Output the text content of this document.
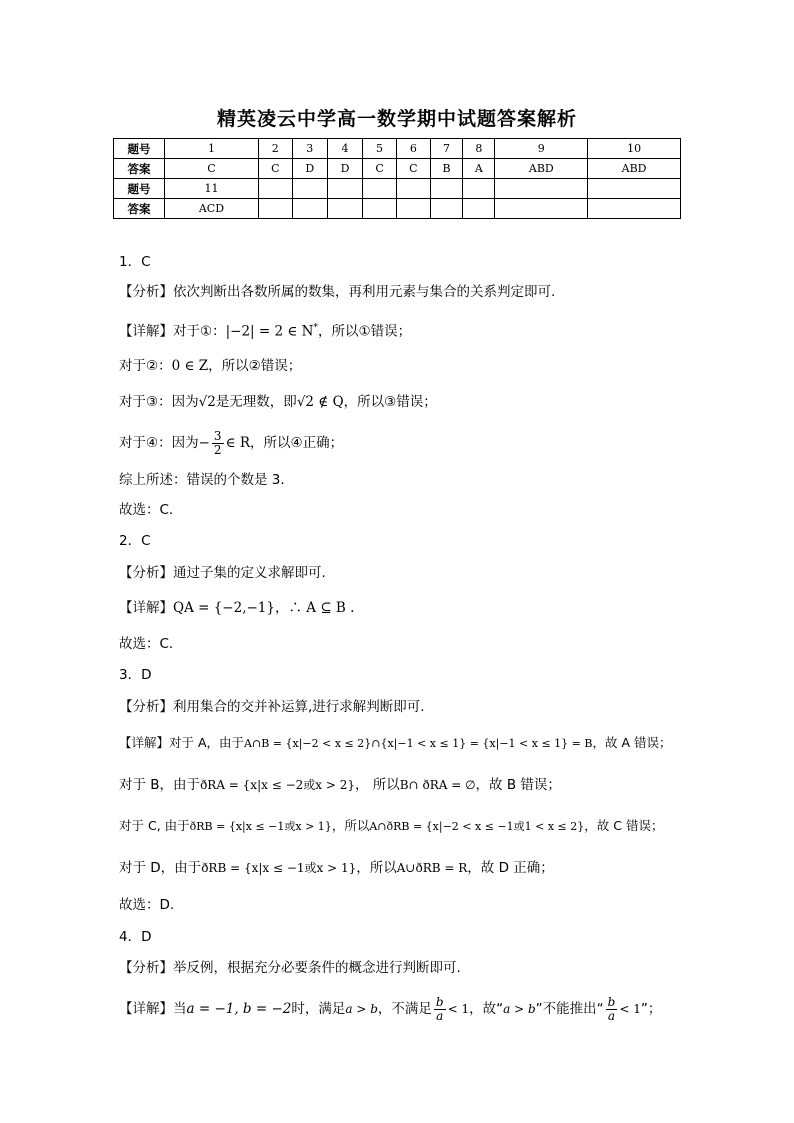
精英凌云中学高一数学期中试题答案解析
题号	1	2	3	4	5	6	7	8	9	10
答案	C	C	D	D	C	C	B	A	ABD	ABD
题号	11									
答案	ACD									
1．C
【分析】依次判断出各数所属的数集，再利用元素与集合的关系判定即可.
【详解】对于①：|−2| = 2 ∈ N*，所以①错误；
对于②：0 ∈ Z，所以②错误；
对于③：因为√2是无理数，即√2 ∉ Q，所以③错误；
对于④：因为− $\frac{3}{2}$ ∈ R，所以④正确；
综上所述：错误的个数是 3.
故选：C.
2．C
【分析】通过子集的定义求解即可.
【详解】QA = {−2,−1}，∴ A ⊆ B .
故选：C.
3．D
【分析】利用集合的交并补运算,进行求解判断即可.
【详解】对于 A，由于A∩B = {x|−2 < x ≤ 2}∩{x|−1 < x ≤ 1} = {x|−1 < x ≤ 1} = B，故 A 错误；
对于 B，由于ðRA = {x|x ≤ −2或x > 2}， 所以B∩ ðRA = ∅，故 B 错误；
对于 C, 由于ðRB = {x|x ≤ −1或x > 1}，所以A∩ðRB = {x|−2 < x ≤ −1或1 < x ≤ 2}，故 C 错误；
对于 D，由于ðRB = {x|x ≤ −1或x > 1}，所以A∪ðRB = R，故 D 正确；
故选：D.
4．D
【分析】举反例，根据充分必要条件的概念进行判断即可.
【详解】当a = −1, b = −2时，满足a > b，不满足 $\frac{b}{a} < 1$，故“a > b”不能推出“ $\frac{b}{a} < 1$”；
